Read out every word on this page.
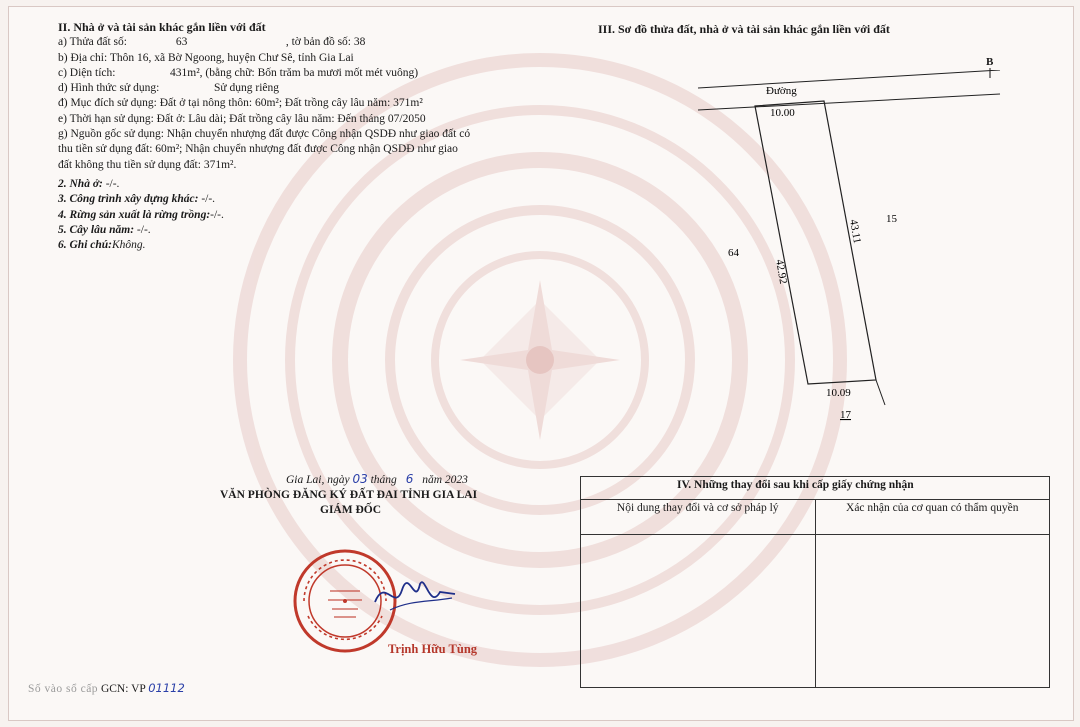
II. Nhà ở và tài sản khác gắn liền với đất
a) Thửa đất số:	63	, tờ bản đồ số: 38
b) Địa chỉ: Thôn 16, xã Bờ Ngoong, huyện Chư Sê, tỉnh Gia Lai
c) Diện tích:	431m², (bằng chữ: Bốn trăm ba mươi mốt mét vuông)
d) Hình thức sử dụng:	Sử dụng riêng
đ) Mục đích sử dụng: Đất ở tại nông thôn: 60m²; Đất trồng cây lâu năm: 371m²
e) Thời hạn sử dụng: Đất ở: Lâu dài; Đất trồng cây lâu năm: Đến tháng 07/2050
g) Nguồn gốc sử dụng: Nhận chuyển nhượng đất được Công nhận QSDĐ như giao đất có
thu tiền sử dụng đất: 60m²; Nhận chuyển nhượng đất được Công nhận QSDĐ như giao
đất không thu tiền sử dụng đất: 371m².
2. Nhà ở: -/-.
3. Công trình xây dựng khác: -/-.
4. Rừng sản xuất là rừng trồng:-/-.
5. Cây lâu năm: -/-.
6. Ghi chú:Không.
Gia Lai, ngày 03 tháng 6 năm 2023
VĂN PHÒNG ĐĂNG KÝ ĐẤT ĐAI TỈNH GIA LAI
GIÁM ĐỐC
Trịnh Hữu Tùng
Số vào sổ cấp GCN: VP 01112
III. Sơ đồ thửa đất, nhà ở và tài sản khác gắn liền với đất
B
Đường
10.00
42.92
43.11
10.09
64
15
17
IV. Những thay đổi sau khi cấp giấy chứng nhận	
Nội dung thay đổi và cơ sở pháp lý	Xác nhận của cơ quan có thẩm quyền
